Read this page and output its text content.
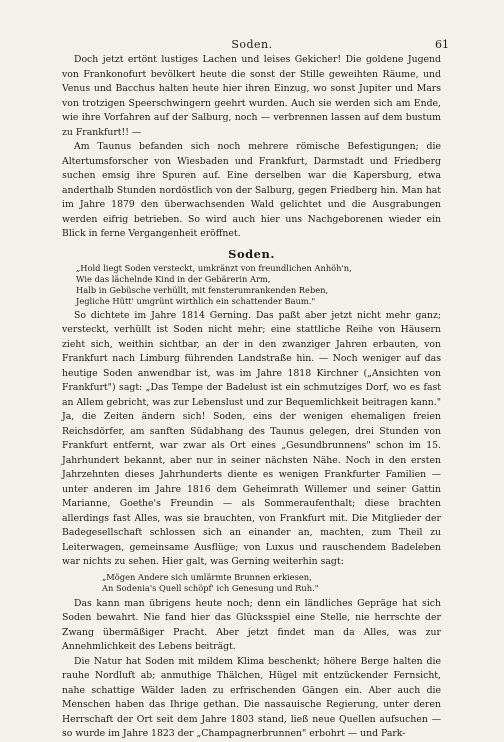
Soden.	61

Doch jetzt ertönt lustiges Lachen und leises Gekicher! Die goldene Jugend von Frankonofurt bevölkert heute die sonst der Stille geweihten Räume, und Venus und Bacchus halten heute hier ihren Einzug, wo sonst Jupiter und Mars von trotzigen Speerschwingern geehrt wurden. Auch sie werden sich am Ende, wie ihre Vorfahren auf der Salburg, noch — verbrennen lassen auf dem bustum zu Frankfurt!! —

Am Taunus befanden sich noch mehrere römische Befestigungen; die Altertumsforscher von Wiesbaden und Frankfurt, Darmstadt und Friedberg suchen emsig ihre Spuren auf. Eine derselben war die Kapersburg, etwa anderthalb Stunden nordöstlich von der Salburg, gegen Friedberg hin. Man hat im Jahre 1879 den überwachsenden Wald gelichtet und die Ausgrabungen werden eifrig betrieben. So wird auch hier uns Nachgeborenen wieder ein Blick in ferne Vergangenheit eröffnet.

Soden.
„Hold liegt Soden versteckt, umkränzt von freundlichen Anhöh'n,
Wie das lächelnde Kind in der Gebärerin Arm,
Halb in Gebüsche verhüllt, mit fensterumrankenden Reben,
Jegliche Hütt' umgrünt wirthlich ein schattender Baum."

So dichtete im Jahre 1814 Gerning. Das paßt aber jetzt nicht mehr ganz; versteckt, verhüllt ist Soden nicht mehr; eine stattliche Reihe von Häusern zieht sich, weithin sichtbar, an der in den zwanziger Jahren erbauten, von Frankfurt nach Limburg führenden Landstraße hin. — Noch weniger auf das heutige Soden anwendbar ist, was im Jahre 1818 Kirchner („Ansichten von Frankfurt") sagt: „Das Tempe der Badelust ist ein schmutziges Dorf, wo es fast an Allem gebricht, was zur Lebenslust und zur Bequemlichkeit beitragen kann." Ja, die Zeiten ändern sich! Soden, eins der wenigen ehemaligen freien Reichsdörfer, am sanften Südabhang des Taunus gelegen, drei Stunden von Frankfurt entfernt, war zwar als Ort eines „Gesundbrunnens" schon im 15. Jahrhundert bekannt, aber nur in seiner nächsten Nähe. Noch in den ersten Jahrzehnten dieses Jahrhunderts diente es wenigen Frankfurter Familien — unter anderen im Jahre 1816 dem Geheimrath Willemer und seiner Gattin Marianne, Goethe's Freundin — als Sommeraufenthalt; diese brachten allerdings fast Alles, was sie brauchten, von Frankfurt mit. Die Mitglieder der Badegesellschaft schlossen sich an einander an, machten, zum Theil zu Leiterwagen, gemeinsame Ausflüge; von Luxus und rauschendem Badeleben war nichts zu sehen. Hier galt, was Gerning weiterhin sagt:

„Mögen Andere sich umlärmte Brunnen erkiesen,
An Sodenia's Quell schöpf' ich Genesung und Ruh."

Das kann man übrigens heute noch; denn ein ländliches Gepräge hat sich Soden bewahrt. Nie fand hier das Glücksspiel eine Stelle, nie herrschte der Zwang übermäßiger Pracht. Aber jetzt findet man da Alles, was zur Annehmlichkeit des Lebens beiträgt.

Die Natur hat Soden mit mildem Klima beschenkt; höhere Berge halten die rauhe Nordluft ab; anmuthige Thälchen, Hügel mit entzückender Fernsicht, nahe schattige Wälder laden zu erfrischenden Gängen ein. Aber auch die Menschen haben das Ihrige gethan. Die nassauische Regierung, unter deren Herrschaft der Ort seit dem Jahre 1803 stand, ließ neue Quellen aufsuchen — so wurde im Jahre 1823 der „Champagnerbrunnen" erbohrt — und Park-
